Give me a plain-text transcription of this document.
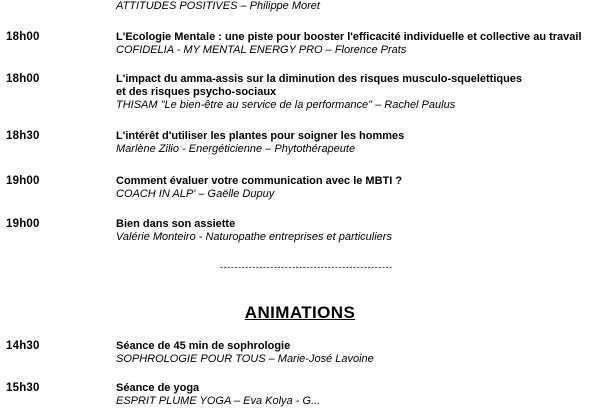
ATTITUDES POSITIVES – Philippe Moret
18h00	L'Ecologie Mentale : une piste pour booster l'efficacité individuelle et collective au travail
COFIDELIA - MY MENTAL ENERGY PRO – Florence Prats
18h00	L'impact du amma-assis sur la diminution des risques musculo-squelettiques
et des risques psycho-sociaux
THISAM "Le bien-être au service de la performance" – Rachel Paulus
18h30	L'intérêt d'utiliser les plantes pour soigner les hommes
Marlène Zilio - Energéticienne – Phytothérapeute
19h00	Comment évaluer votre communication avec le MBTI ?
COACH IN ALP' – Gaëlle Dupuy
19h00	Bien dans son assiette
Valérie Monteiro - Naturopathe entreprises et particuliers
------------------------------------------------
ANIMATIONS
14h30	Séance de 45 min de sophrologie
SOPHROLOGIE POUR TOUS – Marie-José Lavoine
15h30	Séance de yoga
ESPRIT PLUME YOGA – Eva Kolya - G...
